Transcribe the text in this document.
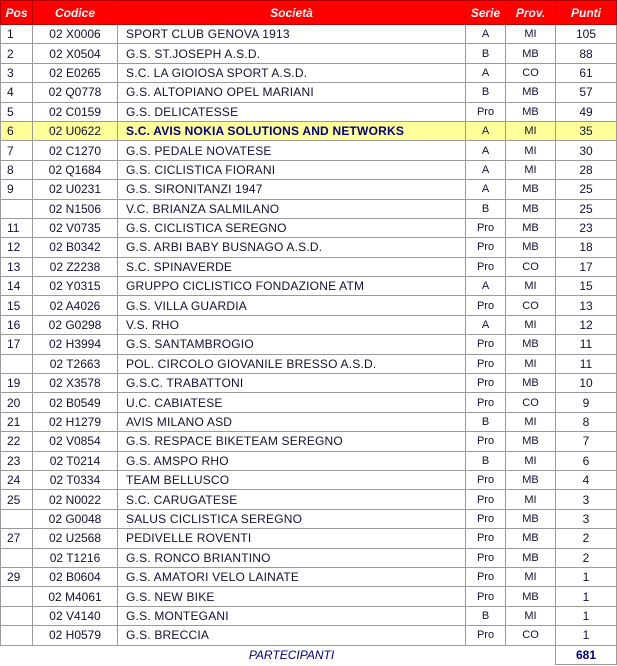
Pos	Codice	Società	Serie	Prov.	Punti
1	02 X0006	SPORT CLUB GENOVA 1913	A	MI	105
2	02 X0504	G.S. ST.JOSEPH A.S.D.	B	MB	88
3	02 E0265	S.C. LA GIOIOSA SPORT A.S.D.	A	CO	61
4	02 Q0778	G.S. ALTOPIANO OPEL MARIANI	B	MB	57
5	02 C0159	G.S. DELICATESSE	Pro	MB	49
6	02 U0622	S.C. AVIS NOKIA SOLUTIONS AND NETWORKS	A	MI	35
7	02 C1270	G.S. PEDALE NOVATESE	A	MI	30
8	02 Q1684	G.S. CICLISTICA FIORANI	A	MI	28
9	02 U0231	G.S. SIRONITANZI 1947	A	MB	25
	02 N1506	V.C. BRIANZA SALMILANO	B	MB	25
11	02 V0735	G.S. CICLISTICA SEREGNO	Pro	MB	23
12	02 B0342	G.S. ARBI BABY BUSNAGO A.S.D.	Pro	MB	18
13	02 Z2238	S.C. SPINAVERDE	Pro	CO	17
14	02 Y0315	GRUPPO CICLISTICO FONDAZIONE ATM	A	MI	15
15	02 A4026	G.S. VILLA GUARDIA	Pro	CO	13
16	02 G0298	V.S. RHO	A	MI	12
17	02 H3994	G.S. SANTAMBROGIO	Pro	MB	11
	02 T2663	POL. CIRCOLO GIOVANILE BRESSO A.S.D.	Pro	MI	11
19	02 X3578	G.S.C. TRABATTONI	Pro	MB	10
20	02 B0549	U.C. CABIATESE	Pro	CO	9
21	02 H1279	AVIS MILANO ASD	B	MI	8
22	02 V0854	G.S. RESPACE BIKETEAM SEREGNO	Pro	MB	7
23	02 T0214	G.S. AMSPO RHO	B	MI	6
24	02 T0334	TEAM BELLUSCO	Pro	MB	4
25	02 N0022	S.C. CARUGATESE	Pro	MI	3
	02 G0048	SALUS CICLISTICA SEREGNO	Pro	MB	3
27	02 U2568	PEDIVELLE ROVENTI	Pro	MB	2
	02 T1216	G.S. RONCO BRIANTINO	Pro	MB	2
29	02 B0604	G.S. AMATORI VELO LAINATE	Pro	MI	1
	02 M4061	G.S. NEW BIKE	Pro	MB	1
	02 V4140	G.S. MONTEGANI	B	MI	1
	02 H0579	G.S. BRECCIA	Pro	CO	1
		PARTECIPANTI			681
